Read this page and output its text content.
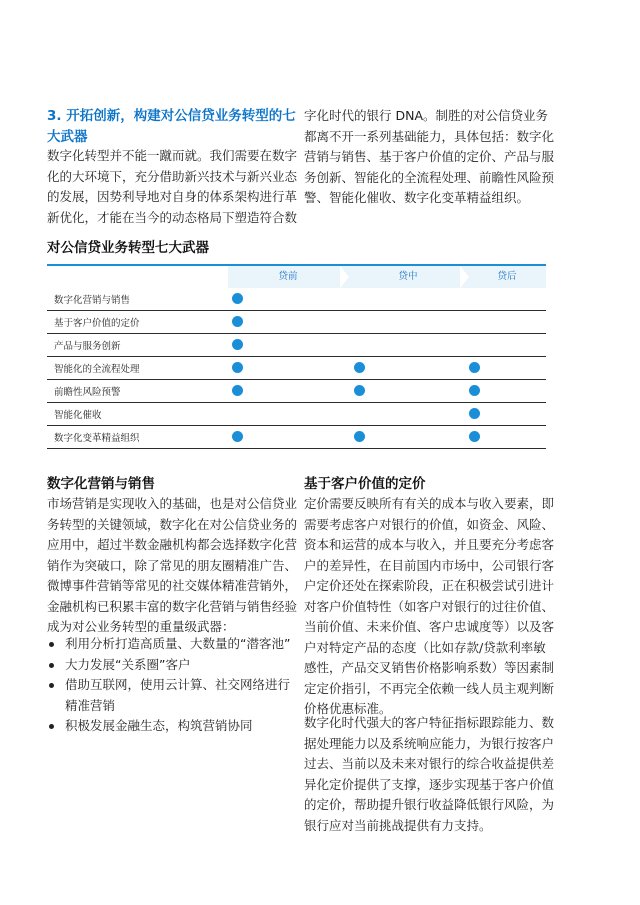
3. 开拓创新，构建对公信贷业务转型的七大武器
数字化转型并不能一蹴而就。我们需要在数字化的大环境下，充分借助新兴技术与新兴业态的发展，因势利导地对自身的体系架构进行革新优化，才能在当今的动态格局下塑造符合数
字化时代的银行 DNA。制胜的对公信贷业务都离不开一系列基础能力，具体包括：数字化营销与销售、基于客户价值的定价、产品与服务创新、智能化的全流程处理、前瞻性风险预警、智能化催收、数字化变革精益组织。
对公信贷业务转型七大武器
贷前	贷中	贷后
数字化营销与销售
基于客户价值的定价
产品与服务创新
智能化的全流程处理
前瞻性风险预警
智能化催收
数字化变革精益组织
数字化营销与销售
市场营销是实现收入的基础，也是对公信贷业务转型的关键领域，数字化在对公信贷业务的应用中，超过半数金融机构都会选择数字化营销作为突破口，除了常见的朋友圈精准广告、微博事件营销等常见的社交媒体精准营销外，金融机构已积累丰富的数字化营销与销售经验成为对公业务转型的重量级武器：
利用分析打造高质量、大数量的“潜客池”
大力发展“关系圈”客户
借助互联网，使用云计算、社交网络进行精准营销
积极发展金融生态，构筑营销协同
基于客户价值的定价
定价需要反映所有有关的成本与收入要素，即需要考虑客户对银行的价值，如资金、风险、资本和运营的成本与收入，并且要充分考虑客户的差异性，在目前国内市场中，公司银行客户定价还处在探索阶段，正在积极尝试引进计对客户价值特性（如客户对银行的过往价值、当前价值、未来价值、客户忠诚度等）以及客户对特定产品的态度（比如存款/贷款利率敏感性，产品交叉销售价格影响系数）等因素制定定价指引，不再完全依赖一线人员主观判断价格优惠标准。
数字化时代强大的客户特征指标跟踪能力、数据处理能力以及系统响应能力，为银行按客户过去、当前以及未来对银行的综合收益提供差异化定价提供了支撑，逐步实现基于客户价值的定价，帮助提升银行收益降低银行风险，为银行应对当前挑战提供有力支持。
